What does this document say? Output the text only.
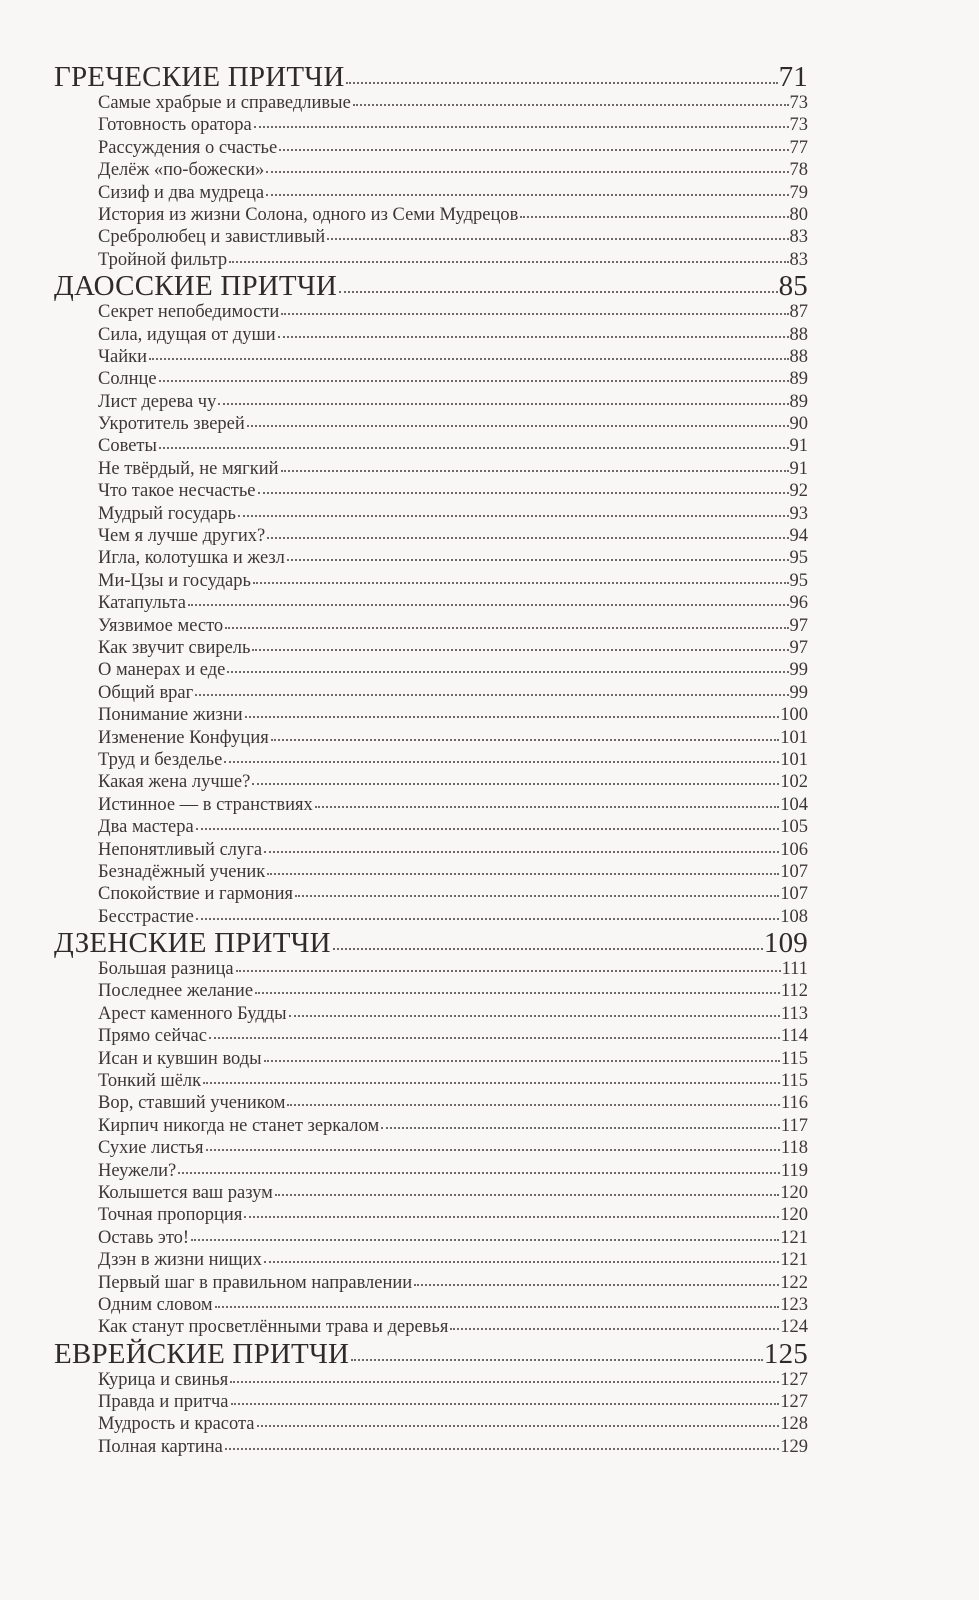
ГРЕЧЕСКИЕ ПРИТЧИ	71
Самые храбрые и справедливые	73
Готовность оратора	73
Рассуждения о счастье	77
Делёж «по-божески»	78
Сизиф и два мудреца	79
История из жизни Солона, одного из Семи Мудрецов	80
Сребролюбец и завистливый	83
Тройной фильтр	83
ДАОССКИЕ ПРИТЧИ	85
Секрет непобедимости	87
Сила, идущая от души	88
Чайки	88
Солнце	89
Лист дерева чу	89
Укротитель зверей	90
Советы	91
Не твёрдый, не мягкий	91
Что такое несчастье	92
Мудрый государь	93
Чем я лучше других?	94
Игла, колотушка и жезл	95
Ми-Цзы и государь	95
Катапульта	96
Уязвимое место	97
Как звучит свирель	97
О манерах и еде	99
Общий враг	99
Понимание жизни	100
Изменение Конфуция	101
Труд и безделье	101
Какая жена лучше?	102
Истинное — в странствиях	104
Два мастера	105
Непонятливый слуга	106
Безнадёжный ученик	107
Спокойствие и гармония	107
Бесстрастие	108
ДЗЕНСКИЕ ПРИТЧИ	109
Большая разница	111
Последнее желание	112
Арест каменного Будды	113
Прямо сейчас	114
Исан и кувшин воды	115
Тонкий шёлк	115
Вор, ставший учеником	116
Кирпич никогда не станет зеркалом	117
Сухие листья	118
Неужели?	119
Колышется ваш разум	120
Точная пропорция	120
Оставь это!	121
Дзэн в жизни нищих	121
Первый шаг в правильном направлении	122
Одним словом	123
Как станут просветлёнными трава и деревья	124
ЕВРЕЙСКИЕ ПРИТЧИ	125
Курица и свинья	127
Правда и притча	127
Мудрость и красота	128
Полная картина	129
